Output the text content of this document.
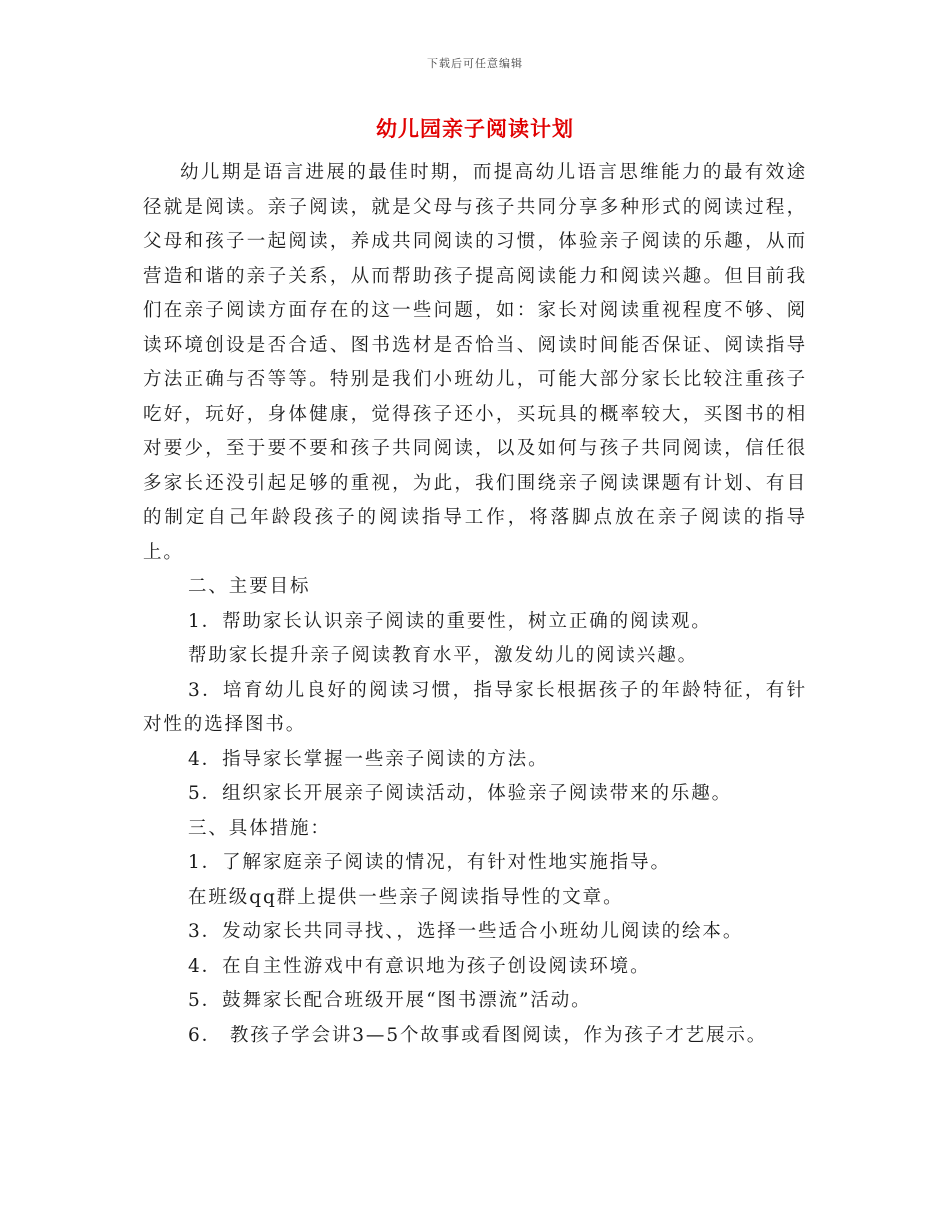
下载后可任意编辑
幼儿园亲子阅读计划

幼儿期是语言进展的最佳时期，而提高幼儿语言思维能力的最有效途径就是阅读。亲子阅读，就是父母与孩子共同分享多种形式的阅读过程，父母和孩子一起阅读，养成共同阅读的习惯，体验亲子阅读的乐趣，从而营造和谐的亲子关系，从而帮助孩子提高阅读能力和阅读兴趣。但目前我们在亲子阅读方面存在的这一些问题，如：家长对阅读重视程度不够、阅读环境创设是否合适、图书选材是否恰当、阅读时间能否保证、阅读指导方法正确与否等等。特别是我们小班幼儿，可能大部分家长比较注重孩子吃好，玩好，身体健康，觉得孩子还小，买玩具的概率较大，买图书的相对要少，至于要不要和孩子共同阅读，以及如何与孩子共同阅读，信任很多家长还没引起足够的重视，为此，我们围绕亲子阅读课题有计划、有目的制定自己年龄段孩子的阅读指导工作，将落脚点放在亲子阅读的指导上。

二、主要目标

1．帮助家长认识亲子阅读的重要性，树立正确的阅读观。

帮助家长提升亲子阅读教育水平，激发幼儿的阅读兴趣。

3．培育幼儿良好的阅读习惯，指导家长根据孩子的年龄特征，有针对性的选择图书。

4．指导家长掌握一些亲子阅读的方法。

5．组织家长开展亲子阅读活动，体验亲子阅读带来的乐趣。

三、具体措施：

1．了解家庭亲子阅读的情况，有针对性地实施指导。

在班级qq群上提供一些亲子阅读指导性的文章。

3．发动家长共同寻找、，选择一些适合小班幼儿阅读的绘本。

4．在自主性游戏中有意识地为孩子创设阅读环境。

5．鼓舞家长配合班级开展“图书漂流”活动。

6． 教孩子学会讲3—5个故事或看图阅读，作为孩子才艺展示。
